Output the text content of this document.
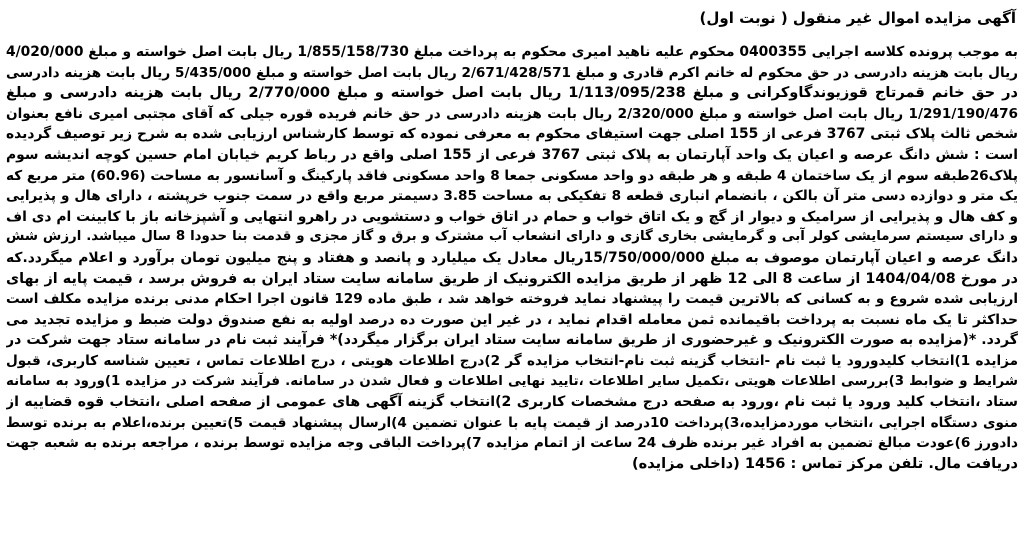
آگهی مزایده اموال غیر منقول ( نوبت اول)
به موجب پرونده کلاسه اجرایی 0400355 محکوم علیه ناهید امیری محکوم به پرداخت مبلغ 1/855/158/730 ریال بابت اصل خواسته و مبلغ 4/020/000
ریال بابت هزینه دادرسی در حق محکوم له خانم اکرم قادری و مبلغ 2/671/428/571 ریال بابت اصل خواسته و مبلغ 5/435/000 ریال بابت هزینه دادرسی
در حق خانم قمرتاج قوزیوندگاوکرانی و مبلغ 1/113/095/238 ریال بابت اصل خواسته و مبلغ 2/770/000 ریال بابت هزینه دادرسی و مبلغ
1/291/190/476 ریال بابت اصل خواسته و مبلغ 2/320/000 ریال بابت هزینه دادرسی در حق خانم فریده قوره جیلی که آقای مجتبی امیری نافع بعنوان
شخص ثالث پلاک ثبتی 3767 فرعی از 155 اصلی جهت استیفای محکوم به معرفی نموده که توسط کارشناس ارزیابی شده به شرح زیر توصیف گردیده
است : شش دانگ عرصه و اعیان یک واحد آپارتمان به پلاک ثبتی 3767 فرعی از 155 اصلی واقع در رباط کریم خیابان امام حسین کوچه اندیشه سوم
پلاک26طبقه سوم از یک ساختمان 4 طبقه و هر طبقه دو واحد مسکونی جمعا 8 واحد مسکونی فاقد پارکینگ و آسانسور به مساحت (60.96) متر مربع که
یک متر و دوازده دسی متر آن بالکن ، بانضمام انباری قطعه 8 تفکیکی به مساحت 3.85 دسیمتر مربع واقع در سمت جنوب خرپشته ، دارای هال و پذیرایی
و کف هال و پذیرایی از سرامیک و دیوار از گچ و یک اتاق خواب و حمام در اتاق خواب و دستشویی در راهرو انتهایی و آشپزخانه باز با کابینت ام دی اف
و دارای سیستم سرمایشی کولر آبی و گرمایشی بخاری گازی و دارای انشعاب آب مشترک و برق و گاز مجزی و قدمت بنا حدودا 8 سال میباشد. ارزش شش
دانگ عرصه و اعیان آپارتمان موصوف به مبلغ 15/750/000/000ریال معادل یک میلیارد و پانصد و هفتاد و پنج میلیون تومان برآورد و اعلام میگردد.که
در مورخ 1404/04/08 از ساعت 8 الی 12 ظهر از طریق مزایده الکترونیک از طریق سامانه سایت ستاد ایران به فروش برسد ، قیمت پایه از بهای
ارزیابی شده شروع و به کسانی که بالاترین قیمت را پیشنهاد نماید فروخته خواهد شد ، طبق ماده 129 قانون اجرا احکام مدنی برنده مزایده مکلف است
حداکثر تا یک ماه نسبت به پرداخت باقیمانده ثمن معامله اقدام نماید ، در غیر این صورت ده درصد اولیه به نفع صندوق دولت ضبط و مزایده تجدید می
گردد. *(مزایده به صورت الکترونیک و غیرحضوری از طریق سامانه سایت ستاد ایران برگزار میگردد)* فرآیند ثبت نام در سامانه ستاد جهت شرکت در
مزایده 1)انتخاب کلیدورود یا ثبت نام -انتخاب گزینه ثبت نام-انتخاب مزایده گر 2)درج اطلاعات هویتی ، درج اطلاعات تماس ، تعیین شناسه کاربری، قبول
شرایط و ضوابط 3)بررسی اطلاعات هویتی ،تکمیل سایر اطلاعات ،تایید نهایی اطلاعات و فعال شدن در سامانه. فرآیند شرکت در مزایده 1)ورود به سامانه
ستاد ،انتخاب کلید ورود یا ثبت نام ،ورود به صفحه درج مشخصات کاربری 2)انتخاب گزینه آگهی های عمومی از صفحه اصلی ،انتخاب قوه قضاییه از
منوی دستگاه اجرایی ،انتخاب موردمزایده،3)پرداخت 10درصد از قیمت پایه با عنوان تضمین 4)ارسال پیشنهاد قیمت 5)تعیین برنده،اعلام به برنده توسط
دادورز 6)عودت مبالغ تضمین به افراد غیر برنده ظرف 24 ساعت از اتمام مزایده 7)پرداخت الباقی وجه مزایده توسط برنده ، مراجعه برنده به شعبه جهت
دریافت مال. تلفن مرکز تماس : 1456 (داخلی مزایده)
